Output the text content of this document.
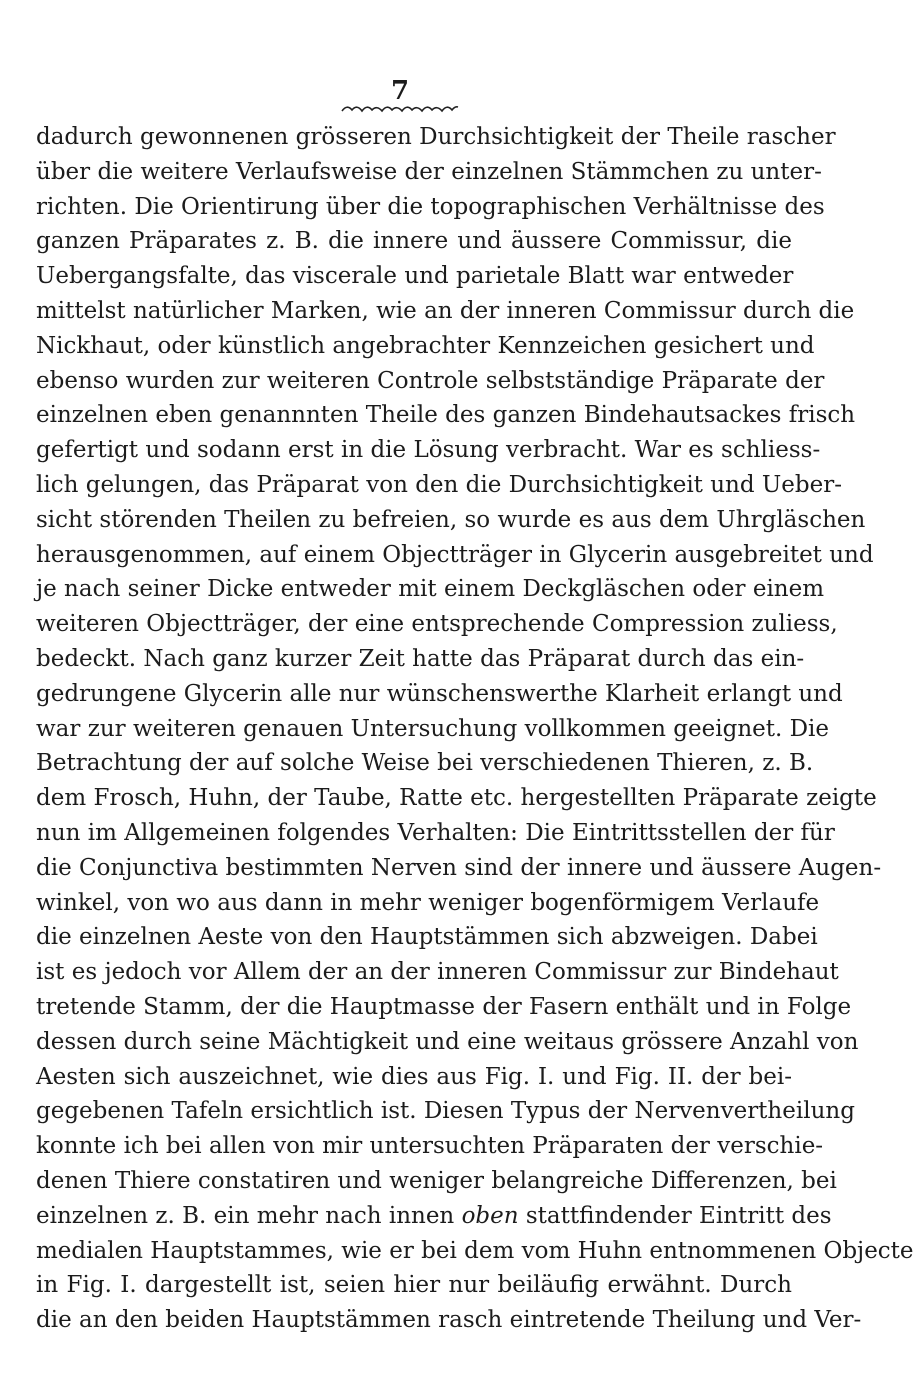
7
dadurch gewonnenen grösseren Durchsichtigkeit der Theile rascher
über die weitere Verlaufsweise der einzelnen Stämmchen zu unter-
richten. Die Orientirung über die topographischen Verhältnisse des
ganzen Präparates z. B. die innere und äussere Commissur, die
Uebergangsfalte, das viscerale und parietale Blatt war entweder
mittelst natürlicher Marken, wie an der inneren Commissur durch die
Nickhaut, oder künstlich angebrachter Kennzeichen gesichert und
ebenso wurden zur weiteren Controle selbstständige Präparate der
einzelnen eben genannnten Theile des ganzen Bindehautsackes frisch
gefertigt und sodann erst in die Lösung verbracht. War es schliess-
lich gelungen, das Präparat von den die Durchsichtigkeit und Ueber-
sicht störenden Theilen zu befreien, so wurde es aus dem Uhrgläschen
herausgenommen, auf einem Objectträger in Glycerin ausgebreitet und
je nach seiner Dicke entweder mit einem Deckgläschen oder einem
weiteren Objectträger, der eine entsprechende Compression zuliess,
bedeckt. Nach ganz kurzer Zeit hatte das Präparat durch das ein-
gedrungene Glycerin alle nur wünschenswerthe Klarheit erlangt und
war zur weiteren genauen Untersuchung vollkommen geeignet. Die
Betrachtung der auf solche Weise bei verschiedenen Thieren, z. B.
dem Frosch, Huhn, der Taube, Ratte etc. hergestellten Präparate zeigte
nun im Allgemeinen folgendes Verhalten: Die Eintrittsstellen der für
die Conjunctiva bestimmten Nerven sind der innere und äussere Augen-
winkel, von wo aus dann in mehr weniger bogenförmigem Verlaufe
die einzelnen Aeste von den Hauptstämmen sich abzweigen. Dabei
ist es jedoch vor Allem der an der inneren Commissur zur Bindehaut
tretende Stamm, der die Hauptmasse der Fasern enthält und in Folge
dessen durch seine Mächtigkeit und eine weitaus grössere Anzahl von
Aesten sich auszeichnet, wie dies aus Fig. I. und Fig. II. der bei-
gegebenen Tafeln ersichtlich ist. Diesen Typus der Nervenvertheilung
konnte ich bei allen von mir untersuchten Präparaten der verschie-
denen Thiere constatiren und weniger belangreiche Differenzen, bei
einzelnen z. B. ein mehr nach innen oben stattfindender Eintritt des
medialen Hauptstammes, wie er bei dem vom Huhn entnommenen Objecte
in Fig. I. dargestellt ist, seien hier nur beiläufig erwähnt. Durch
die an den beiden Hauptstämmen rasch eintretende Theilung und Ver-
